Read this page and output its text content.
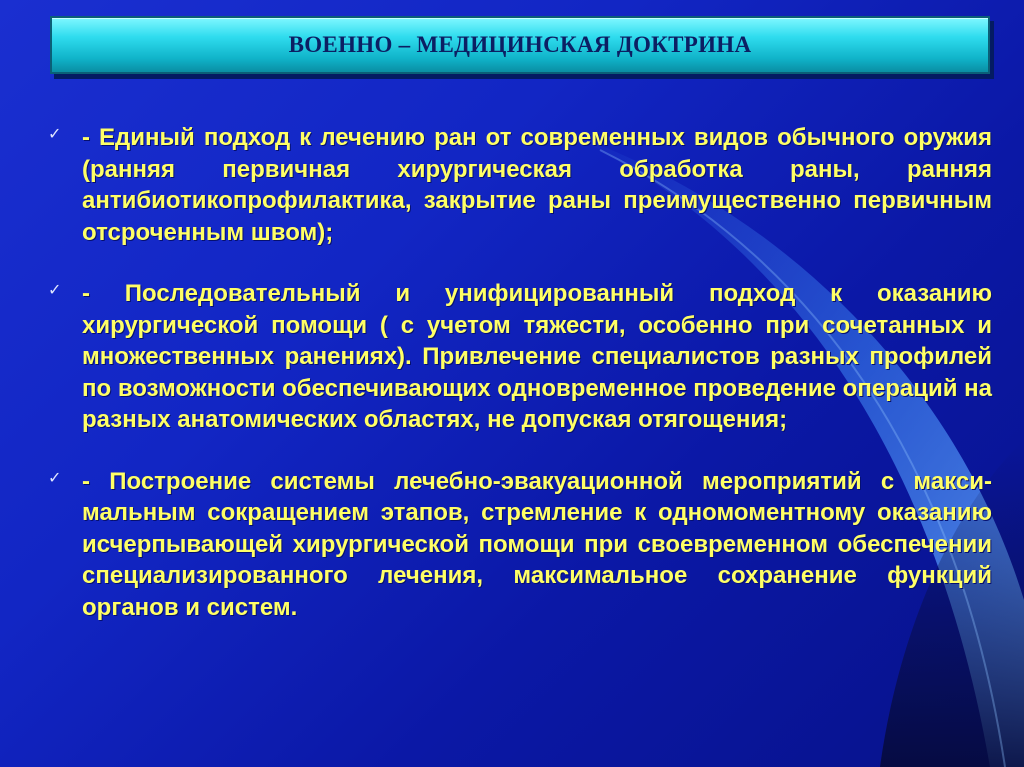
ВОЕННО – МЕДИЦИНСКАЯ ДОКТРИНА
✓ - Единый подход к лечению ран от современных видов обычного оружия (ранняя первичная хирургическая обработка раны, ранняя антибиотикопрофилактика, закрытие раны преимущественно первичным отсроченным швом);
✓ - Последовательный и унифицированный подход к оказанию хирургической помощи ( с учетом тяжести, особенно при сочетанных и множественных ранениях). Привлечение специалистов разных профилей по возможности обеспечивающих одновременное проведение операций на разных анатомических областях, не допуская отягощения;
✓ - Построение системы лечебно-эвакуационной мероприятий с макси-мальным сокращением этапов, стремление к одномоментному оказанию исчерпывающей хирургической помощи при своевременном обеспечении специализированного лечения, максимальное сохранение функций органов и систем.
